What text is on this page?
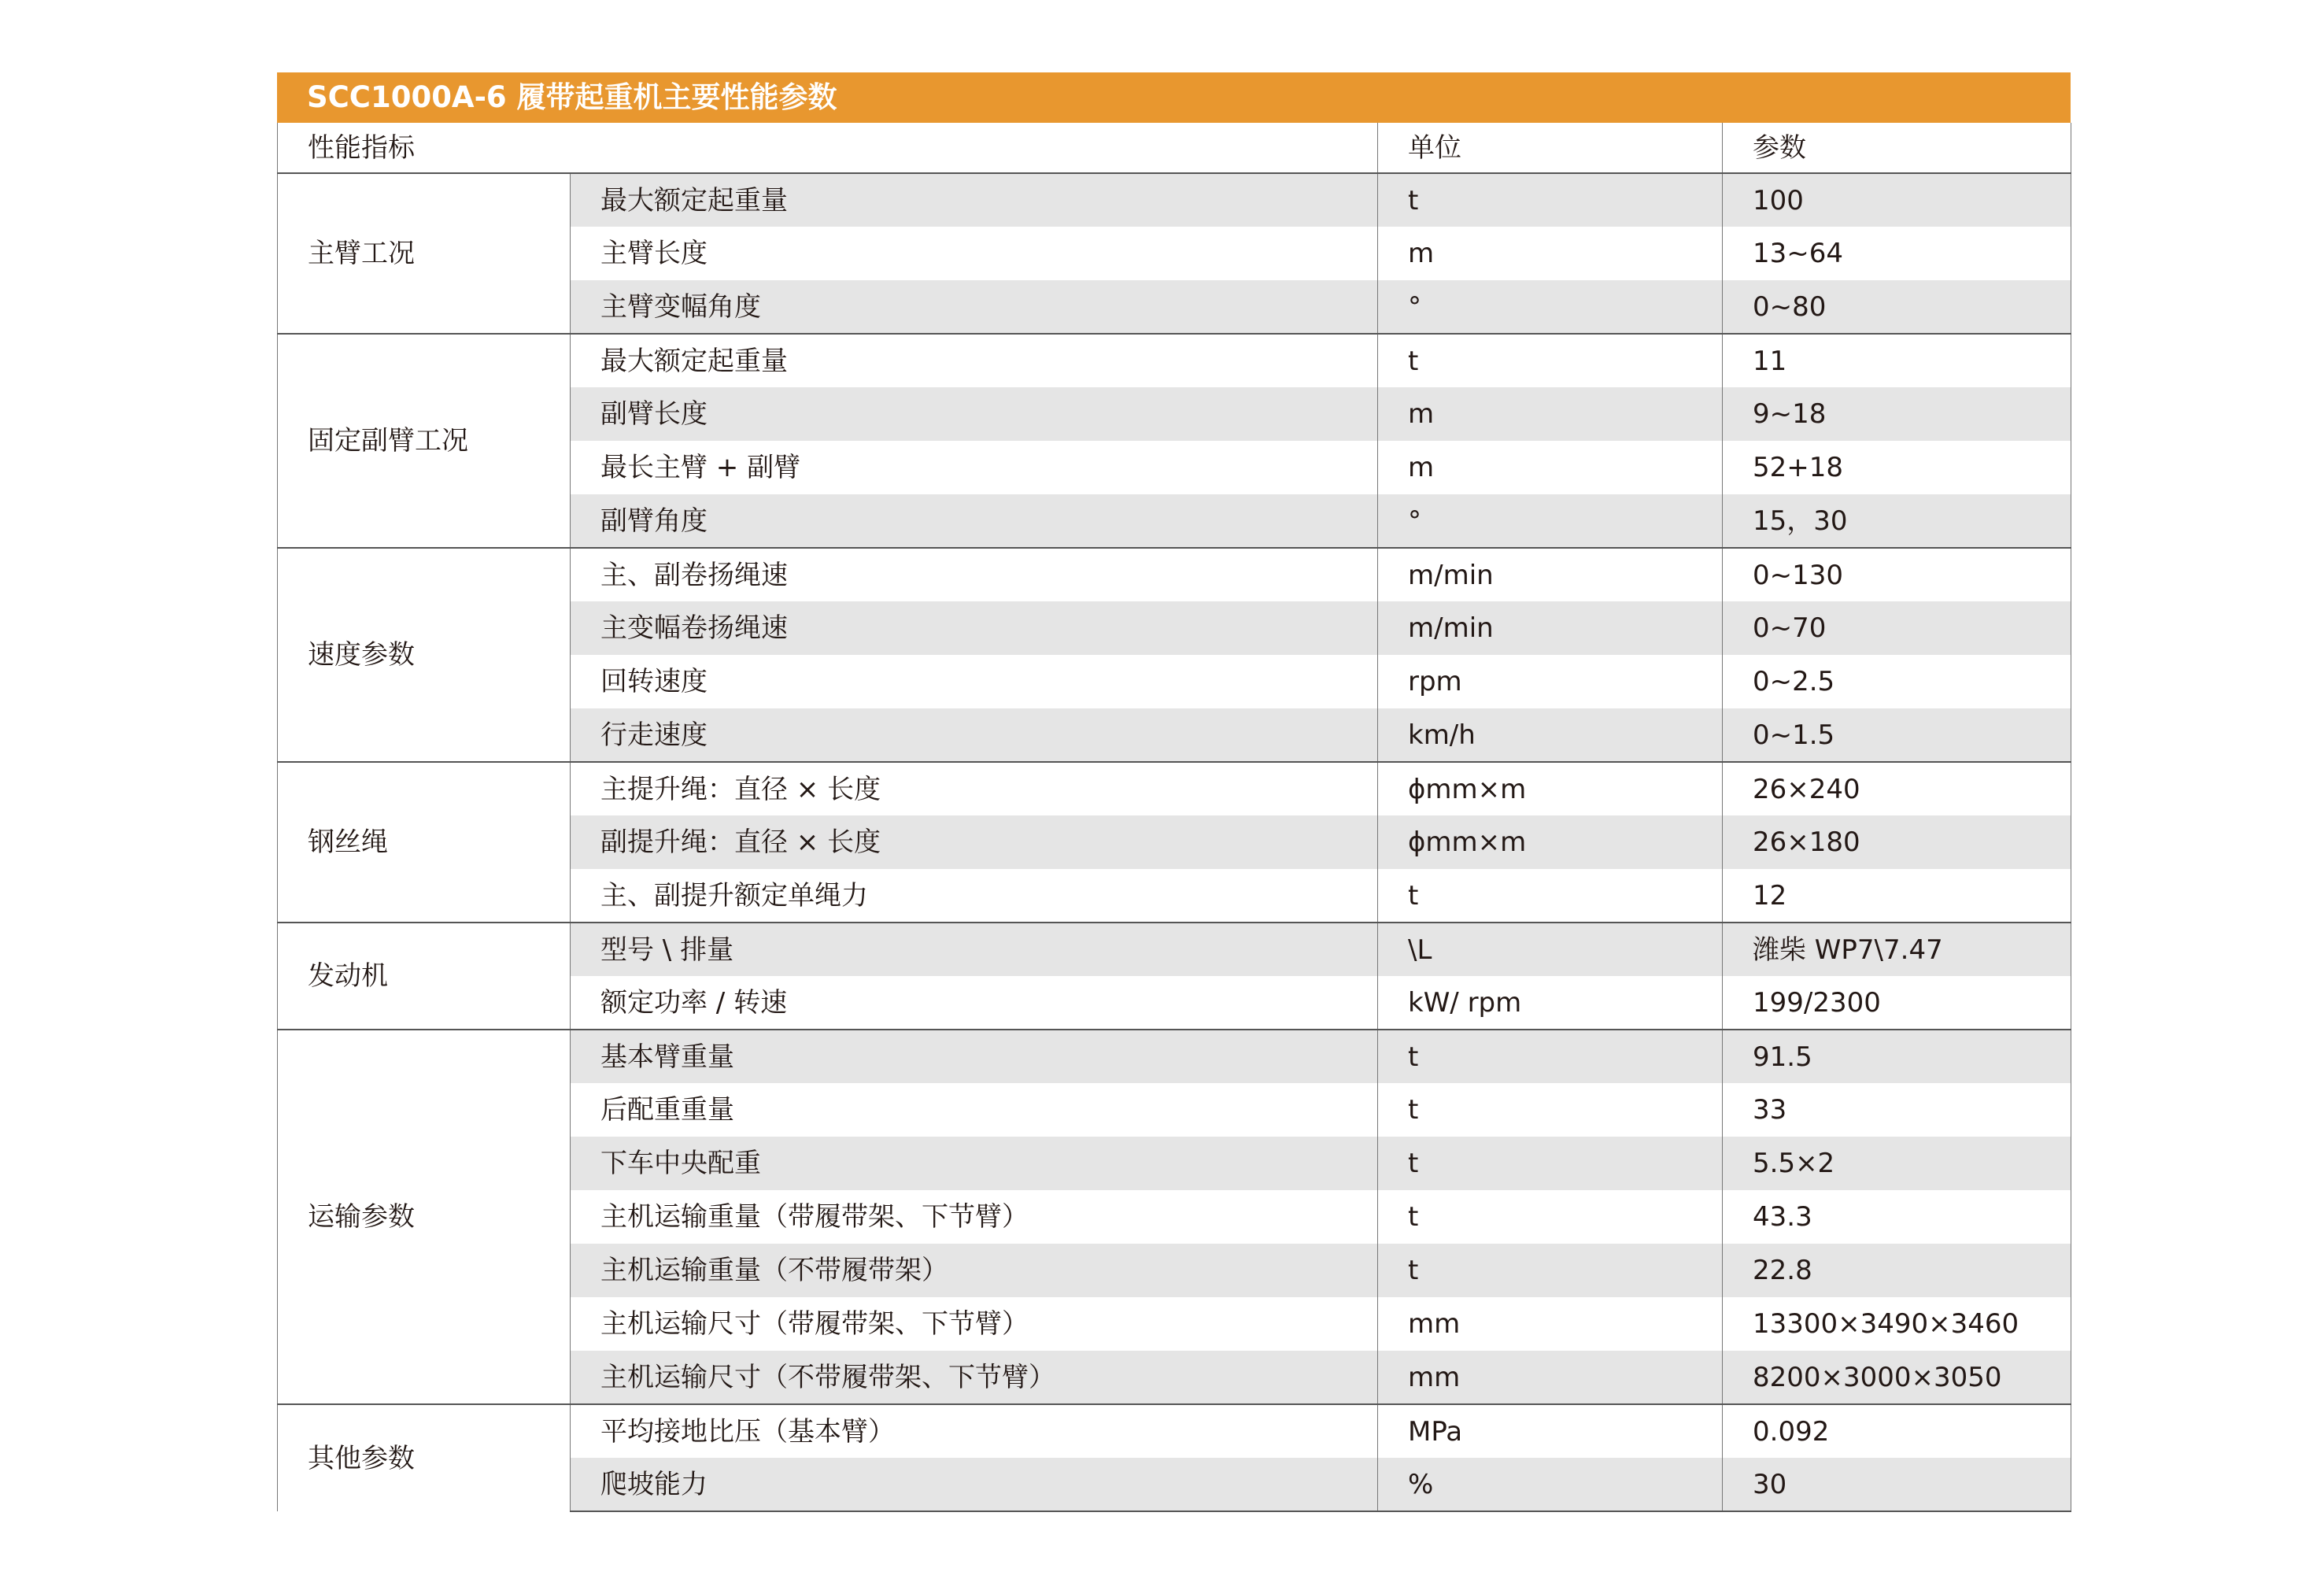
SCC1000A-6 履带起重机主要性能参数
性能指标		单位	参数
主臂工况	最大额定起重量	t	100
	主臂长度	m	13~64
	主臂变幅角度	°	0~80
固定副臂工况	最大额定起重量	t	11
	副臂长度	m	9~18
	最长主臂 + 副臂	m	52+18
	副臂角度	°	15，30
速度参数	主、副卷扬绳速	m/min	0~130
	主变幅卷扬绳速	m/min	0~70
	回转速度	rpm	0~2.5
	行走速度	km/h	0~1.5
钢丝绳	主提升绳：直径 × 长度	ϕmm×m	26×240
	副提升绳：直径 × 长度	ϕmm×m	26×180
	主、副提升额定单绳力	t	12
发动机	型号 \ 排量	\L	潍柴 WP7\7.47
	额定功率 / 转速	kW/ rpm	199/2300
运输参数	基本臂重量	t	91.5
	后配重重量	t	33
	下车中央配重	t	5.5×2
	主机运输重量（带履带架、下节臂）	t	43.3
	主机运输重量（不带履带架）	t	22.8
	主机运输尺寸（带履带架、下节臂）	mm	13300×3490×3460
	主机运输尺寸（不带履带架、下节臂）	mm	8200×3000×3050
其他参数	平均接地比压（基本臂）	MPa	0.092
	爬坡能力	%	30
